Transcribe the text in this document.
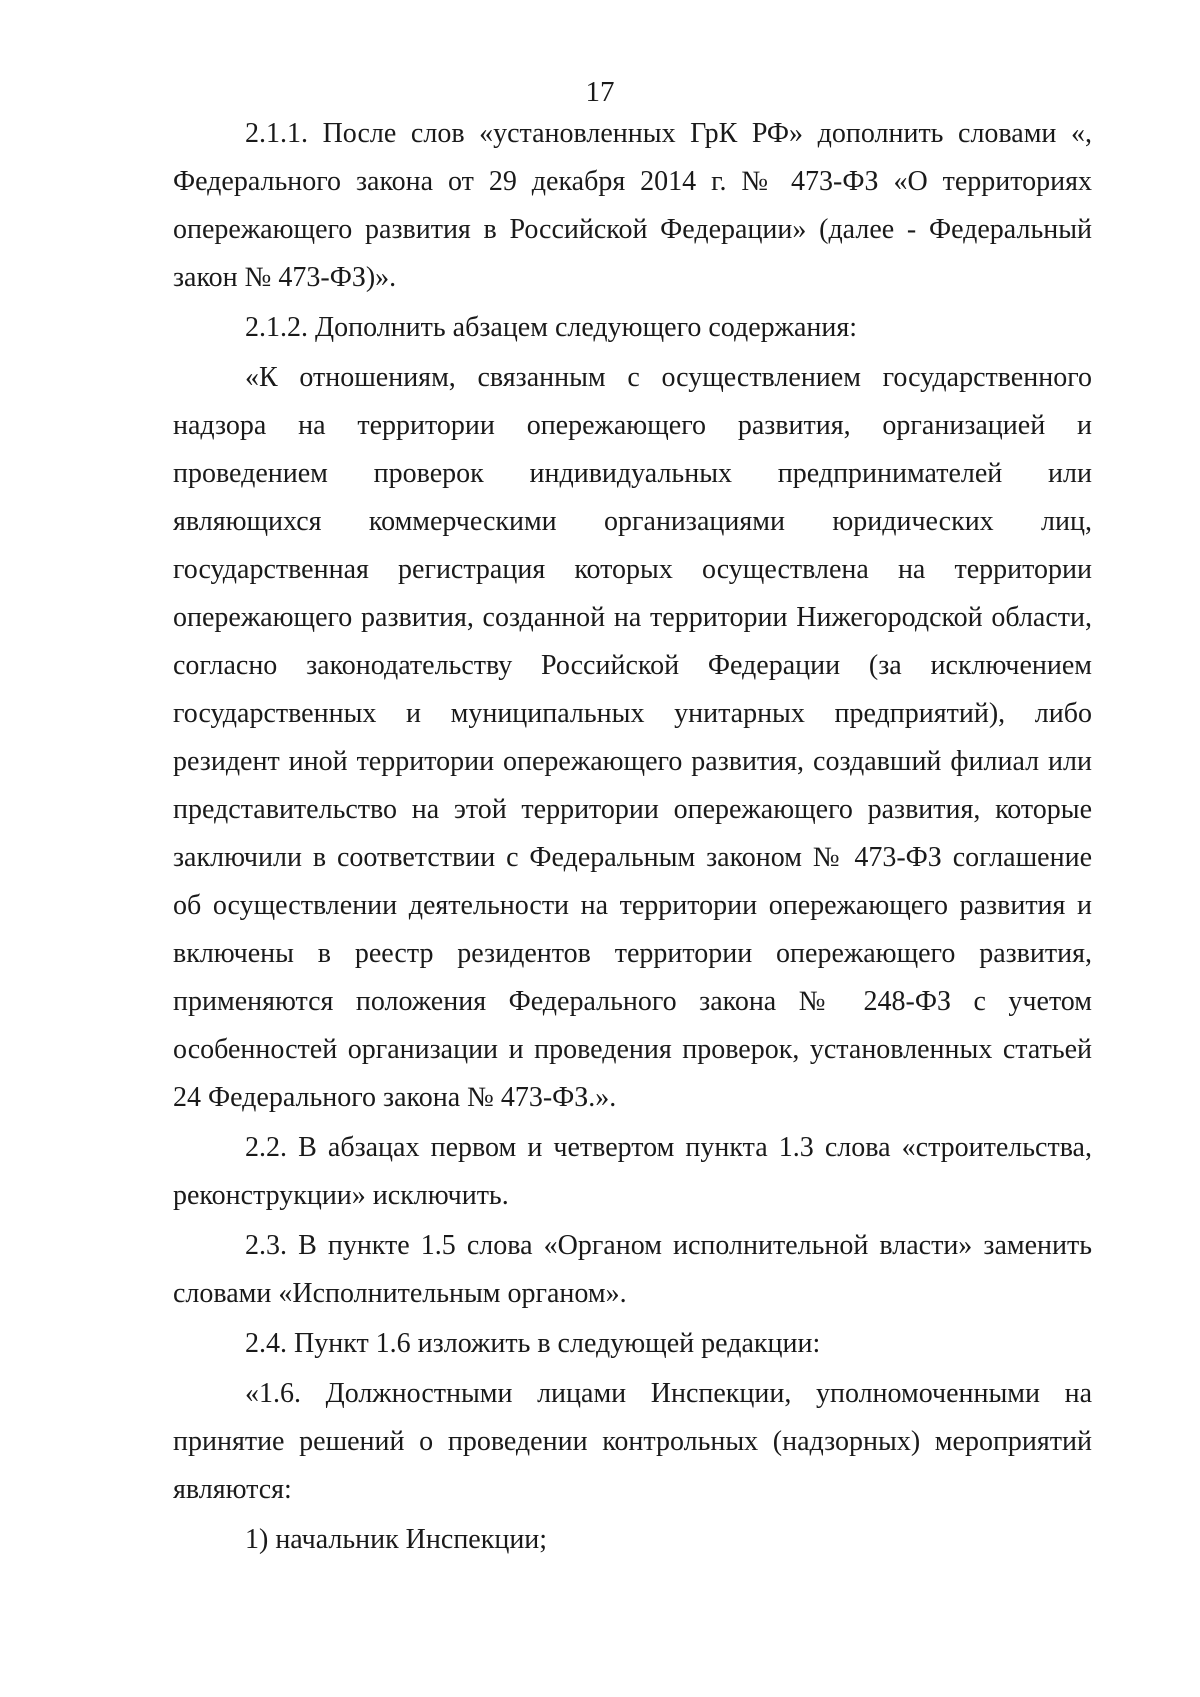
17

2.1.1. После слов «установленных ГрК РФ» дополнить словами «, Федерального закона от 29 декабря 2014 г. № 473-ФЗ «О территориях опережающего развития в Российской Федерации» (далее - Федеральный закон № 473-ФЗ)».

2.1.2. Дополнить абзацем следующего содержания:

«К отношениям, связанным с осуществлением государственного надзора на территории опережающего развития, организацией и проведением проверок индивидуальных предпринимателей или являющихся коммерческими организациями юридических лиц, государственная регистрация которых осуществлена на территории опережающего развития, созданной на территории Нижегородской области, согласно законодательству Российской Федерации (за исключением государственных и муниципальных унитарных предприятий), либо резидент иной территории опережающего развития, создавший филиал или представительство на этой территории опережающего развития, которые заключили в соответствии с Федеральным законом № 473-ФЗ соглашение об осуществлении деятельности на территории опережающего развития и включены в реестр резидентов территории опережающего развития, применяются положения Федерального закона № 248-ФЗ с учетом особенностей организации и проведения проверок, установленных статьей 24 Федерального закона № 473-ФЗ.».

2.2. В абзацах первом и четвертом пункта 1.3 слова «строительства, реконструкции» исключить.

2.3. В пункте 1.5 слова «Органом исполнительной власти» заменить словами «Исполнительным органом».

2.4. Пункт 1.6 изложить в следующей редакции:

«1.6. Должностными лицами Инспекции, уполномоченными на принятие решений о проведении контрольных (надзорных) мероприятий являются:

1) начальник Инспекции;
